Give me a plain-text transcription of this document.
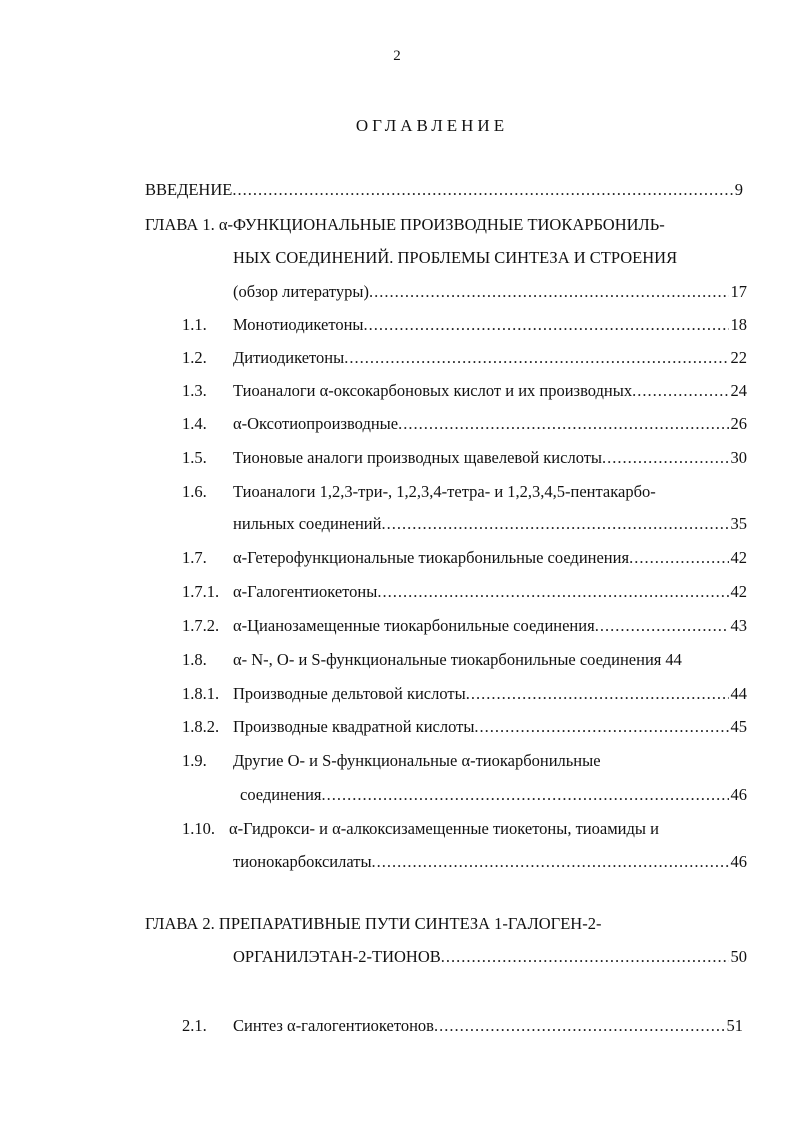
2
ОГЛАВЛЕНИЕ
ВВЕДЕНИЕ .....	9
ГЛАВА 1. α-ФУНКЦИОНАЛЬНЫЕ ПРОИЗВОДНЫЕ ТИОКАРБОНИЛЬ-
НЫХ СОЕДИНЕНИЙ. ПРОБЛЕМЫ СИНТЕЗА И СТРОЕНИЯ
(обзор литературы) .....	17
1.1. Монотиодикетоны .....	18
1.2. Дитиодикетоны .....	22
1.3. Тиоаналоги α-оксокарбоновых кислот и их производных .....	24
1.4. α-Оксотиопроизводные .....	26
1.5. Тионовые аналоги производных щавелевой кислоты .....	30
1.6. Тиоаналоги 1,2,3-три-, 1,2,3,4-тетра- и 1,2,3,4,5-пентакарбо-
нильных соединений .....	35
1.7. α-Гетерофункциональные тиокарбонильные соединения .....	42
1.7.1. α-Галогентиокетоны .....	42
1.7.2. α-Цианозамещенные тиокарбонильные соединения .....	43
1.8. α- N-, O- и S-функциональные тиокарбонильные соединения 44
1.8.1. Производные дельтовой кислоты .....	44
1.8.2. Производные квадратной кислоты .....	45
1.9. Другие O- и S-функциональные α-тиокарбонильные
соединения .....	46
1.10. α-Гидрокси- и α-алкоксизамещенные тиокетоны, тиоамиды и
тионокарбоксилаты .....	46
ГЛАВА 2. ПРЕПАРАТИВНЫЕ ПУТИ СИНТЕЗА 1-ГАЛОГЕН-2-
ОРГАНИЛЭТАН-2-ТИОНОВ .....	50
2.1. Синтез α-галогентиокетонов .....	51
